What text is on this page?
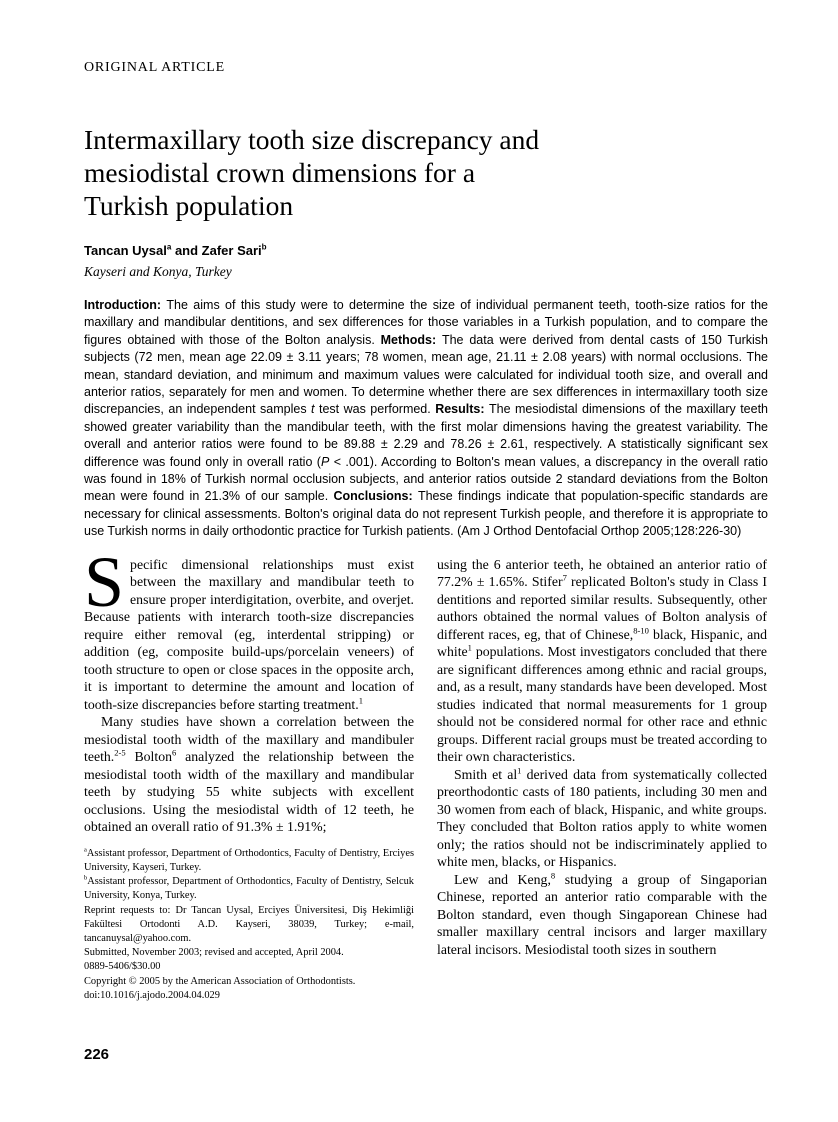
ORIGINAL ARTICLE
Intermaxillary tooth size discrepancy and
mesiodistal crown dimensions for a
Turkish population
Tancan Uysal$^a$ and Zafer Sari$^b$
Kayseri and Konya, Turkey
Introduction: The aims of this study were to determine the size of individual permanent teeth, tooth-size ratios for the maxillary and mandibular dentitions, and sex differences for those variables in a Turkish population, and to compare the figures obtained with those of the Bolton analysis. Methods: The data were derived from dental casts of 150 Turkish subjects (72 men, mean age 22.09 ± 3.11 years; 78 women, mean age, 21.11 ± 2.08 years) with normal occlusions. The mean, standard deviation, and minimum and maximum values were calculated for individual tooth size, and overall and anterior ratios, separately for men and women. To determine whether there are sex differences in intermaxillary tooth size discrepancies, an independent samples t test was performed. Results: The mesiodistal dimensions of the maxillary teeth showed greater variability than the mandibular teeth, with the first molar dimensions having the greatest variability. The overall and anterior ratios were found to be 89.88 ± 2.29 and 78.26 ± 2.61, respectively. A statistically significant sex difference was found only in overall ratio (P < .001). According to Bolton's mean values, a discrepancy in the overall ratio was found in 18% of Turkish normal occlusion subjects, and anterior ratios outside 2 standard deviations from the Bolton mean were found in 21.3% of our sample. Conclusions: These findings indicate that population-specific standards are necessary for clinical assessments. Bolton's original data do not represent Turkish people, and therefore it is appropriate to use Turkish norms in daily orthodontic practice for Turkish patients. (Am J Orthod Dentofacial Orthop 2005;128:226-30)

Specific dimensional relationships must exist between the maxillary and mandibular teeth to ensure proper interdigitation, overbite, and overjet. Because patients with interarch tooth-size discrepancies require either removal (eg, interdental stripping) or addition (eg, composite build-ups/porcelain veneers) of tooth structure to open or close spaces in the opposite arch, it is important to determine the amount and location of tooth-size discrepancies before starting treatment.$^1$

Many studies have shown a correlation between the mesiodistal tooth width of the maxillary and mandibuler teeth.$^{2-5}$ Bolton$^6$ analyzed the relationship between the mesiodistal tooth width of the maxillary and mandibular teeth by studying 55 white subjects with excellent occlusions. Using the mesiodistal width of 12 teeth, he obtained an overall ratio of 91.3% ± 1.91%;

$^a$Assistant professor, Department of Orthodontics, Faculty of Dentistry, Erciyes University, Kayseri, Turkey.

$^b$Assistant professor, Department of Orthodontics, Faculty of Dentistry, Selcuk University, Konya, Turkey.

Reprint requests to: Dr Tancan Uysal, Erciyes Üniversitesi, Diş Hekimliği Fakültesi Ortodonti A.D. Kayseri, 38039, Turkey; e-mail, tancanuysal@yahoo.com.

Submitted, November 2003; revised and accepted, April 2004.

0889-5406/$30.00

Copyright © 2005 by the American Association of Orthodontists.

doi:10.1016/j.ajodo.2004.04.029

using the 6 anterior teeth, he obtained an anterior ratio of 77.2% ± 1.65%. Stifer$^7$ replicated Bolton's study in Class I dentitions and reported similar results. Subsequently, other authors obtained the normal values of Bolton analysis of different races, eg, that of Chinese,$^{8-10}$ black, Hispanic, and white$^1$ populations. Most investigators concluded that there are significant differences among ethnic and racial groups, and, as a result, many standards have been developed. Most studies indicated that normal measurements for 1 group should not be considered normal for other race and ethnic groups. Different racial groups must be treated according to their own characteristics.

Smith et $al^1$ derived data from systematically collected preorthodontic casts of 180 patients, including 30 men and 30 women from each of black, Hispanic, and white groups. They concluded that Bolton ratios apply to white women only; the ratios should not be indiscriminately applied to white men, blacks, or Hispanics.

Lew and Keng,$^8$ studying a group of Singaporian Chinese, reported an anterior ratio comparable with the Bolton standard, even though Singaporean Chinese had smaller maxillary central incisors and larger maxillary lateral incisors. Mesiodistal tooth sizes in southern

226
